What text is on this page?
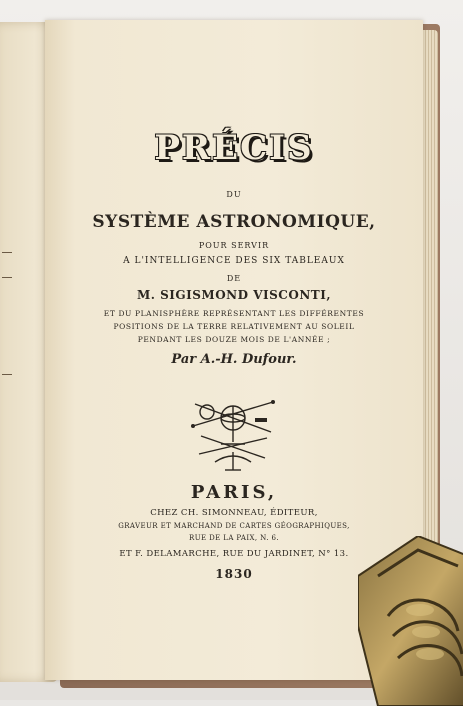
PRÉCIS
DU
SYSTÈME ASTRONOMIQUE,
POUR SERVIR
A L'INTELLIGENCE DES SIX TABLEAUX
DE
M. SIGISMOND VISCONTI,
ET DU PLANISPHÈRE REPRÉSENTANT LES DIFFÉRENTES
POSITIONS DE LA TERRE RELATIVEMENT AU SOLEIL
PENDANT LES DOUZE MOIS DE L'ANNÉE ;
Par A.-H. Dufour.
PARIS,
CHEZ CH. SIMONNEAU, ÉDITEUR,
GRAVEUR ET MARCHAND DE CARTES GÉOGRAPHIQUES,
RUE DE LA PAIX, N. 6.
ET F. DELAMARCHE, RUE DU JARDINET, N° 13.
1830
